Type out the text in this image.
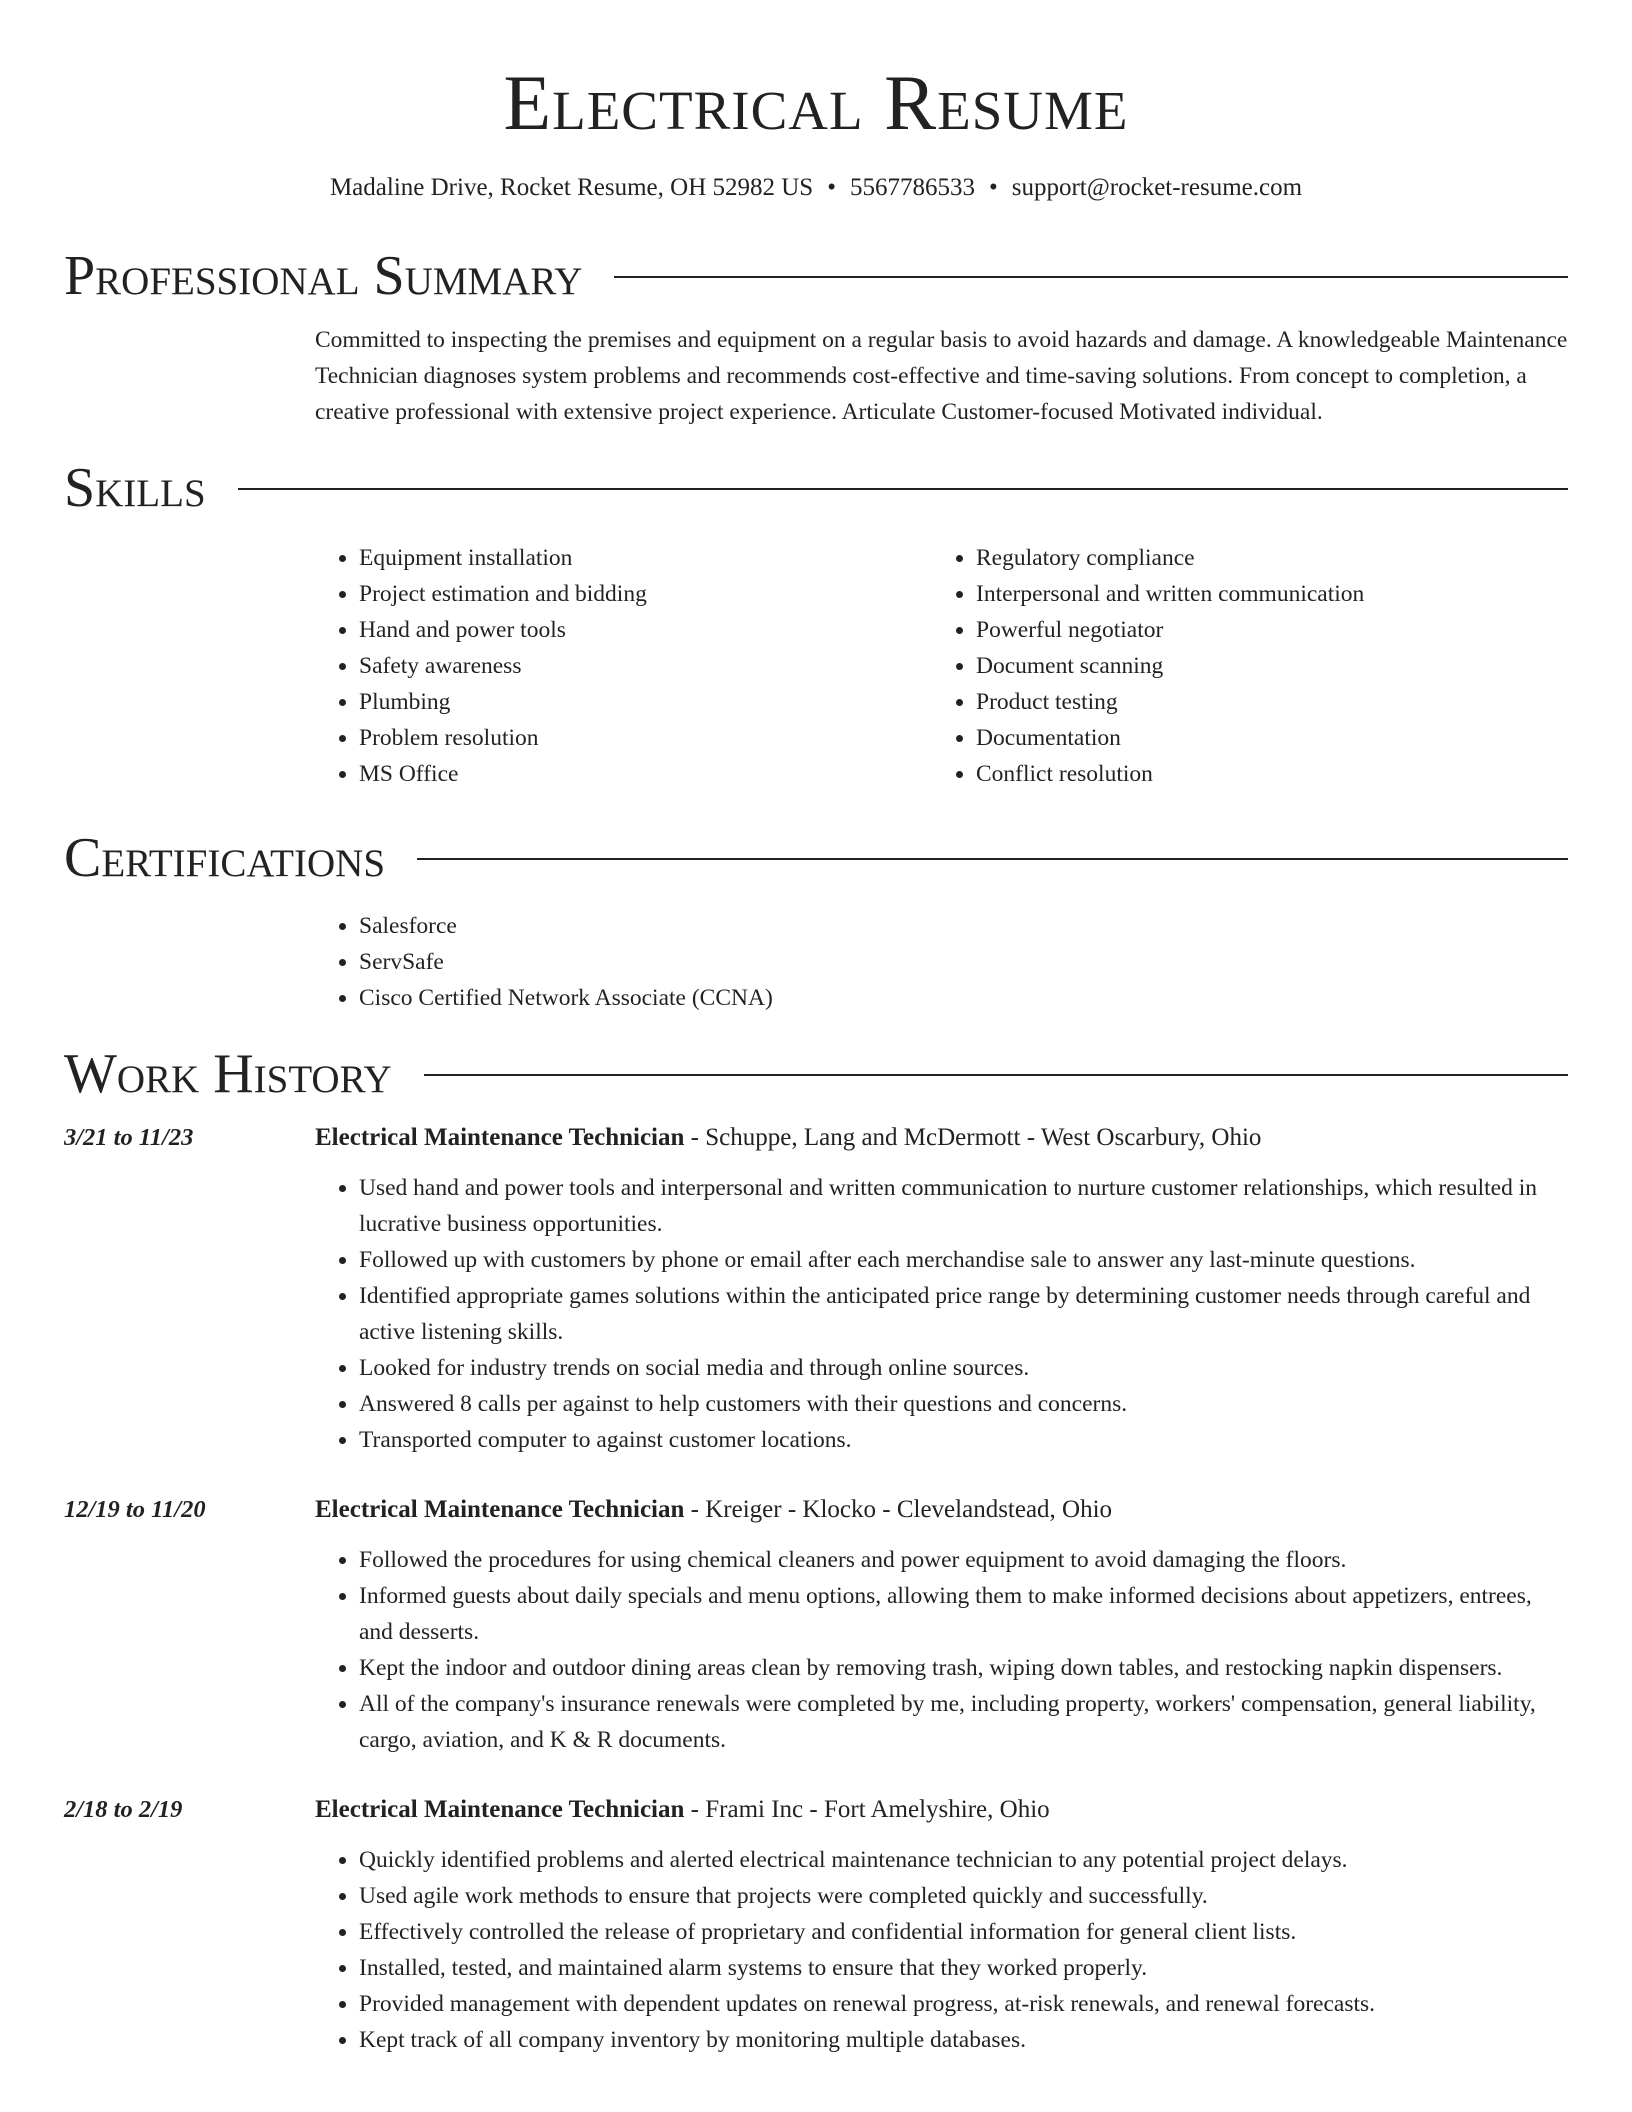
Electrical Resume
Madaline Drive, Rocket Resume, OH 52982 US • 5567786533 • support@rocket-resume.com
Professional Summary
Committed to inspecting the premises and equipment on a regular basis to avoid hazards and damage. A knowledgeable Maintenance Technician diagnoses system problems and recommends cost-effective and time-saving solutions. From concept to completion, a creative professional with extensive project experience. Articulate Customer-focused Motivated individual.
Skills
• Equipment installation
• Project estimation and bidding
• Hand and power tools
• Safety awareness
• Plumbing
• Problem resolution
• MS Office
• Regulatory compliance
• Interpersonal and written communication
• Powerful negotiator
• Document scanning
• Product testing
• Documentation
• Conflict resolution
Certifications
• Salesforce
• ServSafe
• Cisco Certified Network Associate (CCNA)
Work History
3/21 to 11/23	Electrical Maintenance Technician - Schuppe, Lang and McDermott - West Oscarbury, Ohio
• Used hand and power tools and interpersonal and written communication to nurture customer relationships, which resulted in lucrative business opportunities.
• Followed up with customers by phone or email after each merchandise sale to answer any last-minute questions.
• Identified appropriate games solutions within the anticipated price range by determining customer needs through careful and active listening skills.
• Looked for industry trends on social media and through online sources.
• Answered 8 calls per against to help customers with their questions and concerns.
• Transported computer to against customer locations.
12/19 to 11/20	Electrical Maintenance Technician - Kreiger - Klocko - Clevelandstead, Ohio
• Followed the procedures for using chemical cleaners and power equipment to avoid damaging the floors.
• Informed guests about daily specials and menu options, allowing them to make informed decisions about appetizers, entrees, and desserts.
• Kept the indoor and outdoor dining areas clean by removing trash, wiping down tables, and restocking napkin dispensers.
• All of the company's insurance renewals were completed by me, including property, workers' compensation, general liability, cargo, aviation, and K & R documents.
2/18 to 2/19	Electrical Maintenance Technician - Frami Inc - Fort Amelyshire, Ohio
• Quickly identified problems and alerted electrical maintenance technician to any potential project delays.
• Used agile work methods to ensure that projects were completed quickly and successfully.
• Effectively controlled the release of proprietary and confidential information for general client lists.
• Installed, tested, and maintained alarm systems to ensure that they worked properly.
• Provided management with dependent updates on renewal progress, at-risk renewals, and renewal forecasts.
• Kept track of all company inventory by monitoring multiple databases.
